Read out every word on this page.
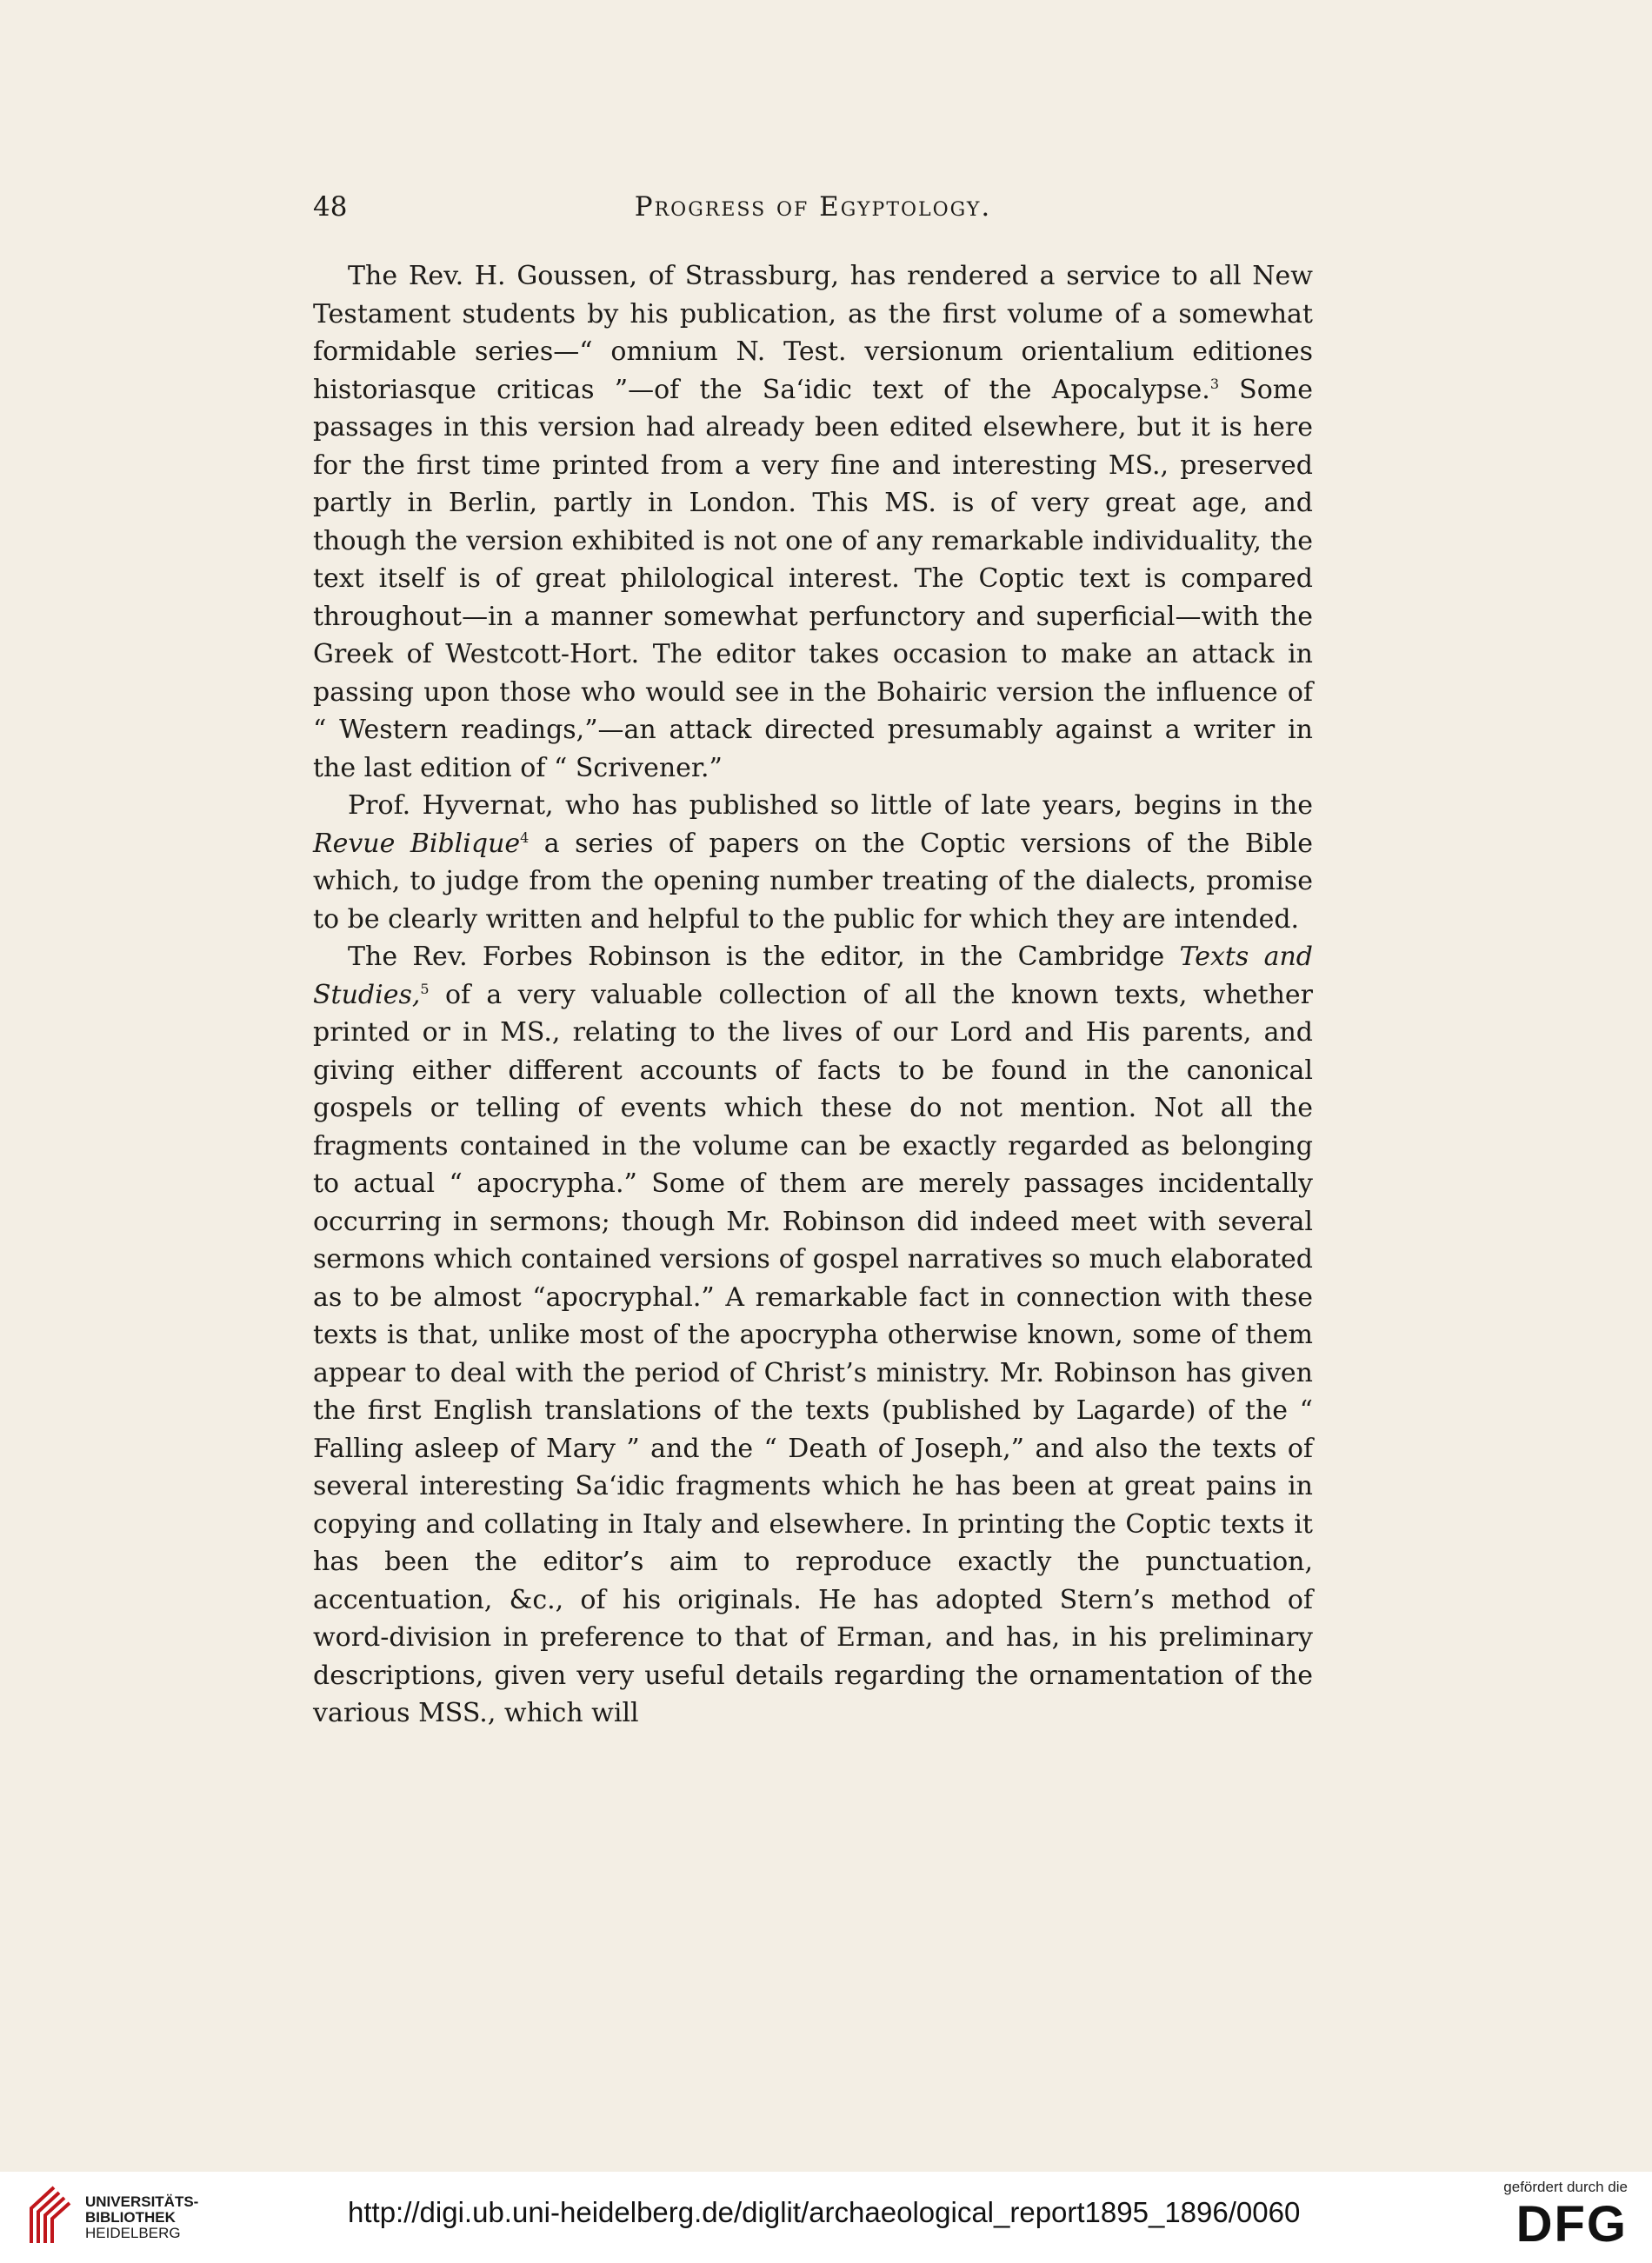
48	Progress of Egyptology.

The Rev. H. Goussen, of Strassburg, has rendered a service to all New Testament students by his publication, as the first volume of a somewhat formidable series—“ omnium N. Test. versionum orientalium editiones historiasque criticas ”—of the Sa‘idic text of the Apocalypse.$^3$ Some passages in this version had already been edited elsewhere, but it is here for the first time printed from a very fine and interesting MS., preserved partly in Berlin, partly in London. This MS. is of very great age, and though the version exhibited is not one of any remarkable individuality, the text itself is of great philological interest. The Coptic text is compared throughout—in a manner somewhat perfunctory and superficial—with the Greek of Westcott-Hort. The editor takes occasion to make an attack in passing upon those who would see in the Bohairic version the influence of “ Western readings,”—an attack directed presumably against a writer in the last edition of “ Scrivener.”

Prof. Hyvernat, who has published so little of late years, begins in the Revue Biblique$^4$ a series of papers on the Coptic versions of the Bible which, to judge from the opening number treating of the dialects, promise to be clearly written and helpful to the public for which they are intended.

The Rev. Forbes Robinson is the editor, in the Cambridge Texts and Studies,$^5$ of a very valuable collection of all the known texts, whether printed or in MS., relating to the lives of our Lord and His parents, and giving either different accounts of facts to be found in the canonical gospels or telling of events which these do not mention. Not all the fragments contained in the volume can be exactly regarded as belonging to actual “ apocrypha.” Some of them are merely passages incidentally occurring in sermons; though Mr. Robinson did indeed meet with several sermons which contained versions of gospel narratives so much elaborated as to be almost “apocryphal.” A remarkable fact in connection with these texts is that, unlike most of the apocrypha otherwise known, some of them appear to deal with the period of Christ’s ministry. Mr. Robinson has given the first English translations of the texts (published by Lagarde) of the “ Falling asleep of Mary ” and the “ Death of Joseph,” and also the texts of several interesting Sa‘idic fragments which he has been at great pains in copying and collating in Italy and elsewhere. In printing the Coptic texts it has been the editor’s aim to reproduce exactly the punctuation, accentuation, &c., of his originals. He has adopted Stern’s method of word-division in preference to that of Erman, and has, in his preliminary descriptions, given very useful details regarding the ornamentation of the various MSS., which will

UNIVERSITÄTS-
BIBLIOTHEK
HEIDELBERG
http://digi.ub.uni-heidelberg.de/diglit/archaeological_report1895_1896/0060
gefördert durch die
DFG
